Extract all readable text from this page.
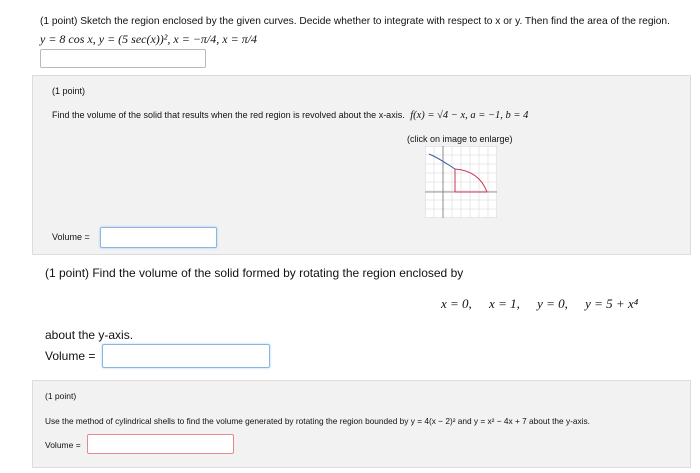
(1 point) Sketch the region enclosed by the given curves. Decide whether to integrate with respect to x or y. Then find the area of the region.
y = 8 cos x, y = (5 sec(x))², x = −π/4, x = π/4
(1 point)
Find the volume of the solid that results when the red region is revolved about the x-axis. f(x) = √4 − x, a = −1, b = 4
(click on image to enlarge)
Volume =
(1 point) Find the volume of the solid formed by rotating the region enclosed by
x = 0, x = 1, y = 0, y = 5 + x⁴
about the y-axis.
Volume =
(1 point)
Use the method of cylindrical shells to find the volume generated by rotating the region bounded by y = 4(x − 2)² and y = x² − 4x + 7 about the y-axis.
Volume =
